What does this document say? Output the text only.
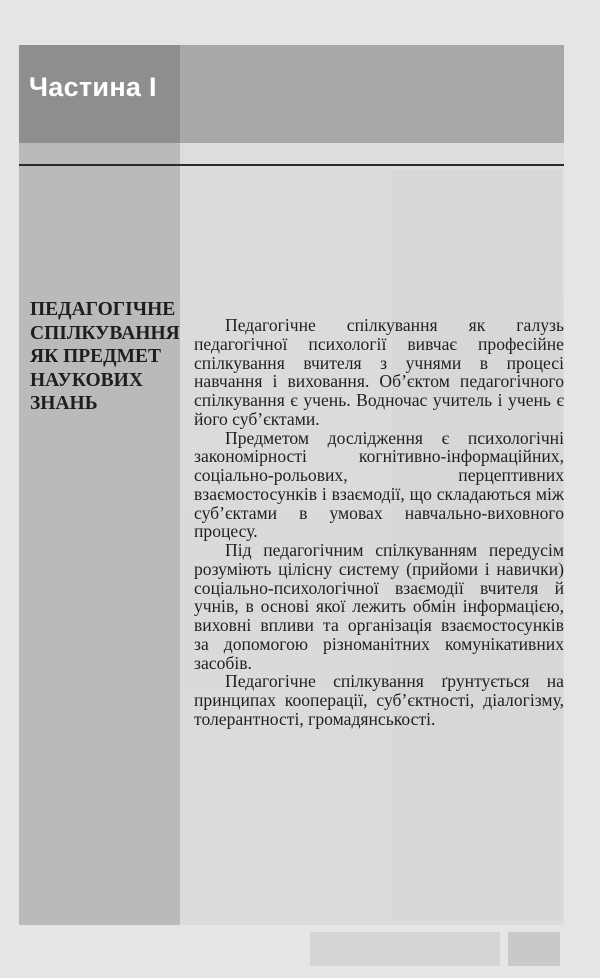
Частина I
ПЕДАГОГІЧНЕ
СПІЛКУВАННЯ
ЯК ПРЕДМЕТ
НАУКОВИХ
ЗНАНЬ

Педагогічне спілкування як галузь педагогічної психології вивчає професійне спілкування вчителя з учнями в процесі навчання і виховання. Об’єктом педагогічного спілкування є учень. Водночас учитель і учень є його суб’єктами.

Предметом дослідження є психологічні закономірності когнітивно-інформаційних, соціально-рольових, перцептивних взаємостосунків і взаємодії, що складаються між суб’єктами в умовах навчально-виховного процесу.

Під педагогічним спілкуванням передусім розуміють цілісну систему (прийоми і навички) соціально-психологічної взаємодії вчителя й учнів, в основі якої лежить обмін інформацією, виховні впливи та організація взаємостосунків за допомогою різноманітних комунікативних засобів.

Педагогічне спілкування ґрунтується на принципах кооперації, суб’єктності, діалогізму, толерантності, громадянськості.
